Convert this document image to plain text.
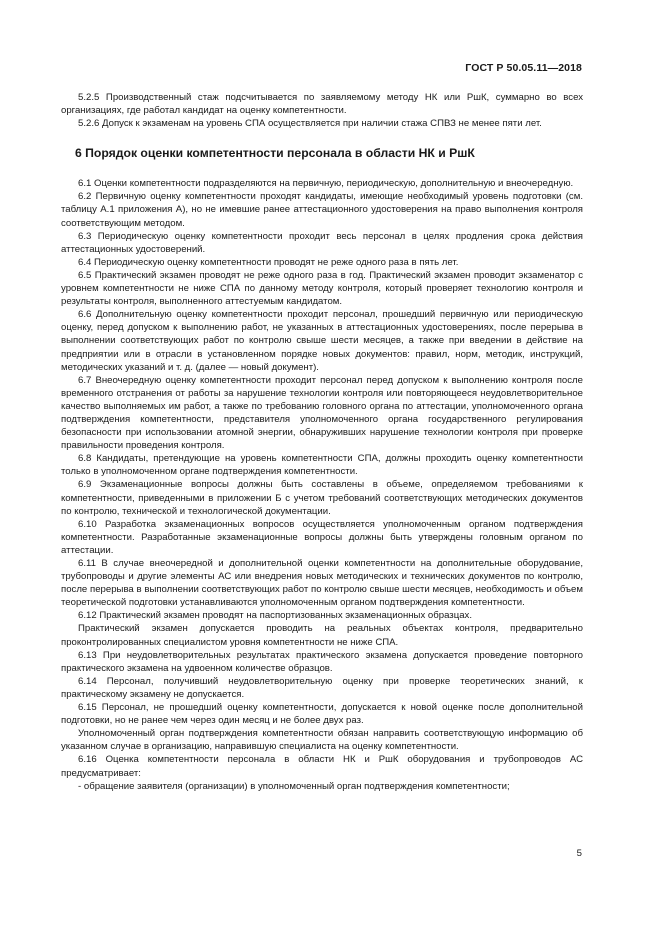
ГОСТ Р 50.05.11—2018

5.2.5 Производственный стаж подсчитывается по заявляемому методу НК или РшК, суммарно во всех организациях, где работал кандидат на оценку компетентности.

5.2.6 Допуск к экзаменам на уровень СПА осуществляется при наличии стажа СПВЗ не менее пяти лет.

6 Порядок оценки компетентности персонала в области НК и РшК

6.1 Оценки компетентности подразделяются на первичную, периодическую, дополнительную и внеочередную.

6.2 Первичную оценку компетентности проходят кандидаты, имеющие необходимый уровень подготовки (см. таблицу А.1 приложения А), но не имевшие ранее аттестационного удостоверения на право выполнения контроля соответствующим методом.

6.3 Периодическую оценку компетентности проходит весь персонал в целях продления срока действия аттестационных удостоверений.

6.4 Периодическую оценку компетентности проводят не реже одного раза в пять лет.

6.5 Практический экзамен проводят не реже одного раза в год. Практический экзамен проводит экзаменатор с уровнем компетентности не ниже СПА по данному методу контроля, который проверяет технологию контроля и результаты контроля, выполненного аттестуемым кандидатом.

6.6 Дополнительную оценку компетентности проходит персонал, прошедший первичную или периодическую оценку, перед допуском к выполнению работ, не указанных в аттестационных удостоверениях, после перерыва в выполнении соответствующих работ по контролю свыше шести месяцев, а также при введении в действие на предприятии или в отрасли в установленном порядке новых документов: правил, норм, методик, инструкций, методических указаний и т. д. (далее — новый документ).

6.7 Внеочередную оценку компетентности проходит персонал перед допуском к выполнению контроля после временного отстранения от работы за нарушение технологии контроля или повторяющееся неудовлетворительное качество выполняемых им работ, а также по требованию головного органа по аттестации, уполномоченного органа подтверждения компетентности, представителя уполномоченного органа государственного регулирования безопасности при использовании атомной энергии, обнаруживших нарушение технологии контроля при проверке правильности проведения контроля.

6.8 Кандидаты, претендующие на уровень компетентности СПА, должны проходить оценку компетентности только в уполномоченном органе подтверждения компетентности.

6.9 Экзаменационные вопросы должны быть составлены в объеме, определяемом требованиями к компетентности, приведенными в приложении Б с учетом требований соответствующих методических документов по контролю, технической и технологической документации.

6.10 Разработка экзаменационных вопросов осуществляется уполномоченным органом подтверждения компетентности. Разработанные экзаменационные вопросы должны быть утверждены головным органом по аттестации.

6.11 В случае внеочередной и дополнительной оценки компетентности на дополнительные оборудование, трубопроводы и другие элементы АС или внедрения новых методических и технических документов по контролю, после перерыва в выполнении соответствующих работ по контролю свыше шести месяцев, необходимость и объем теоретической подготовки устанавливаются уполномоченным органом подтверждения компетентности.

6.12 Практический экзамен проводят на паспортизованных экзаменационных образцах.

Практический экзамен допускается проводить на реальных объектах контроля, предварительно проконтролированных специалистом уровня компетентности не ниже СПА.

6.13 При неудовлетворительных результатах практического экзамена допускается проведение повторного практического экзамена на удвоенном количестве образцов.

6.14 Персонал, получивший неудовлетворительную оценку при проверке теоретических знаний, к практическому экзамену не допускается.

6.15 Персонал, не прошедший оценку компетентности, допускается к новой оценке после дополнительной подготовки, но не ранее чем через один месяц и не более двух раз.

Уполномоченный орган подтверждения компетентности обязан направить соответствующую информацию об указанном случае в организацию, направившую специалиста на оценку компетентности.

6.16 Оценка компетентности персонала в области НК и РшК оборудования и трубопроводов АС предусматривает:

- обращение заявителя (организации) в уполномоченный орган подтверждения компетентности;

5
